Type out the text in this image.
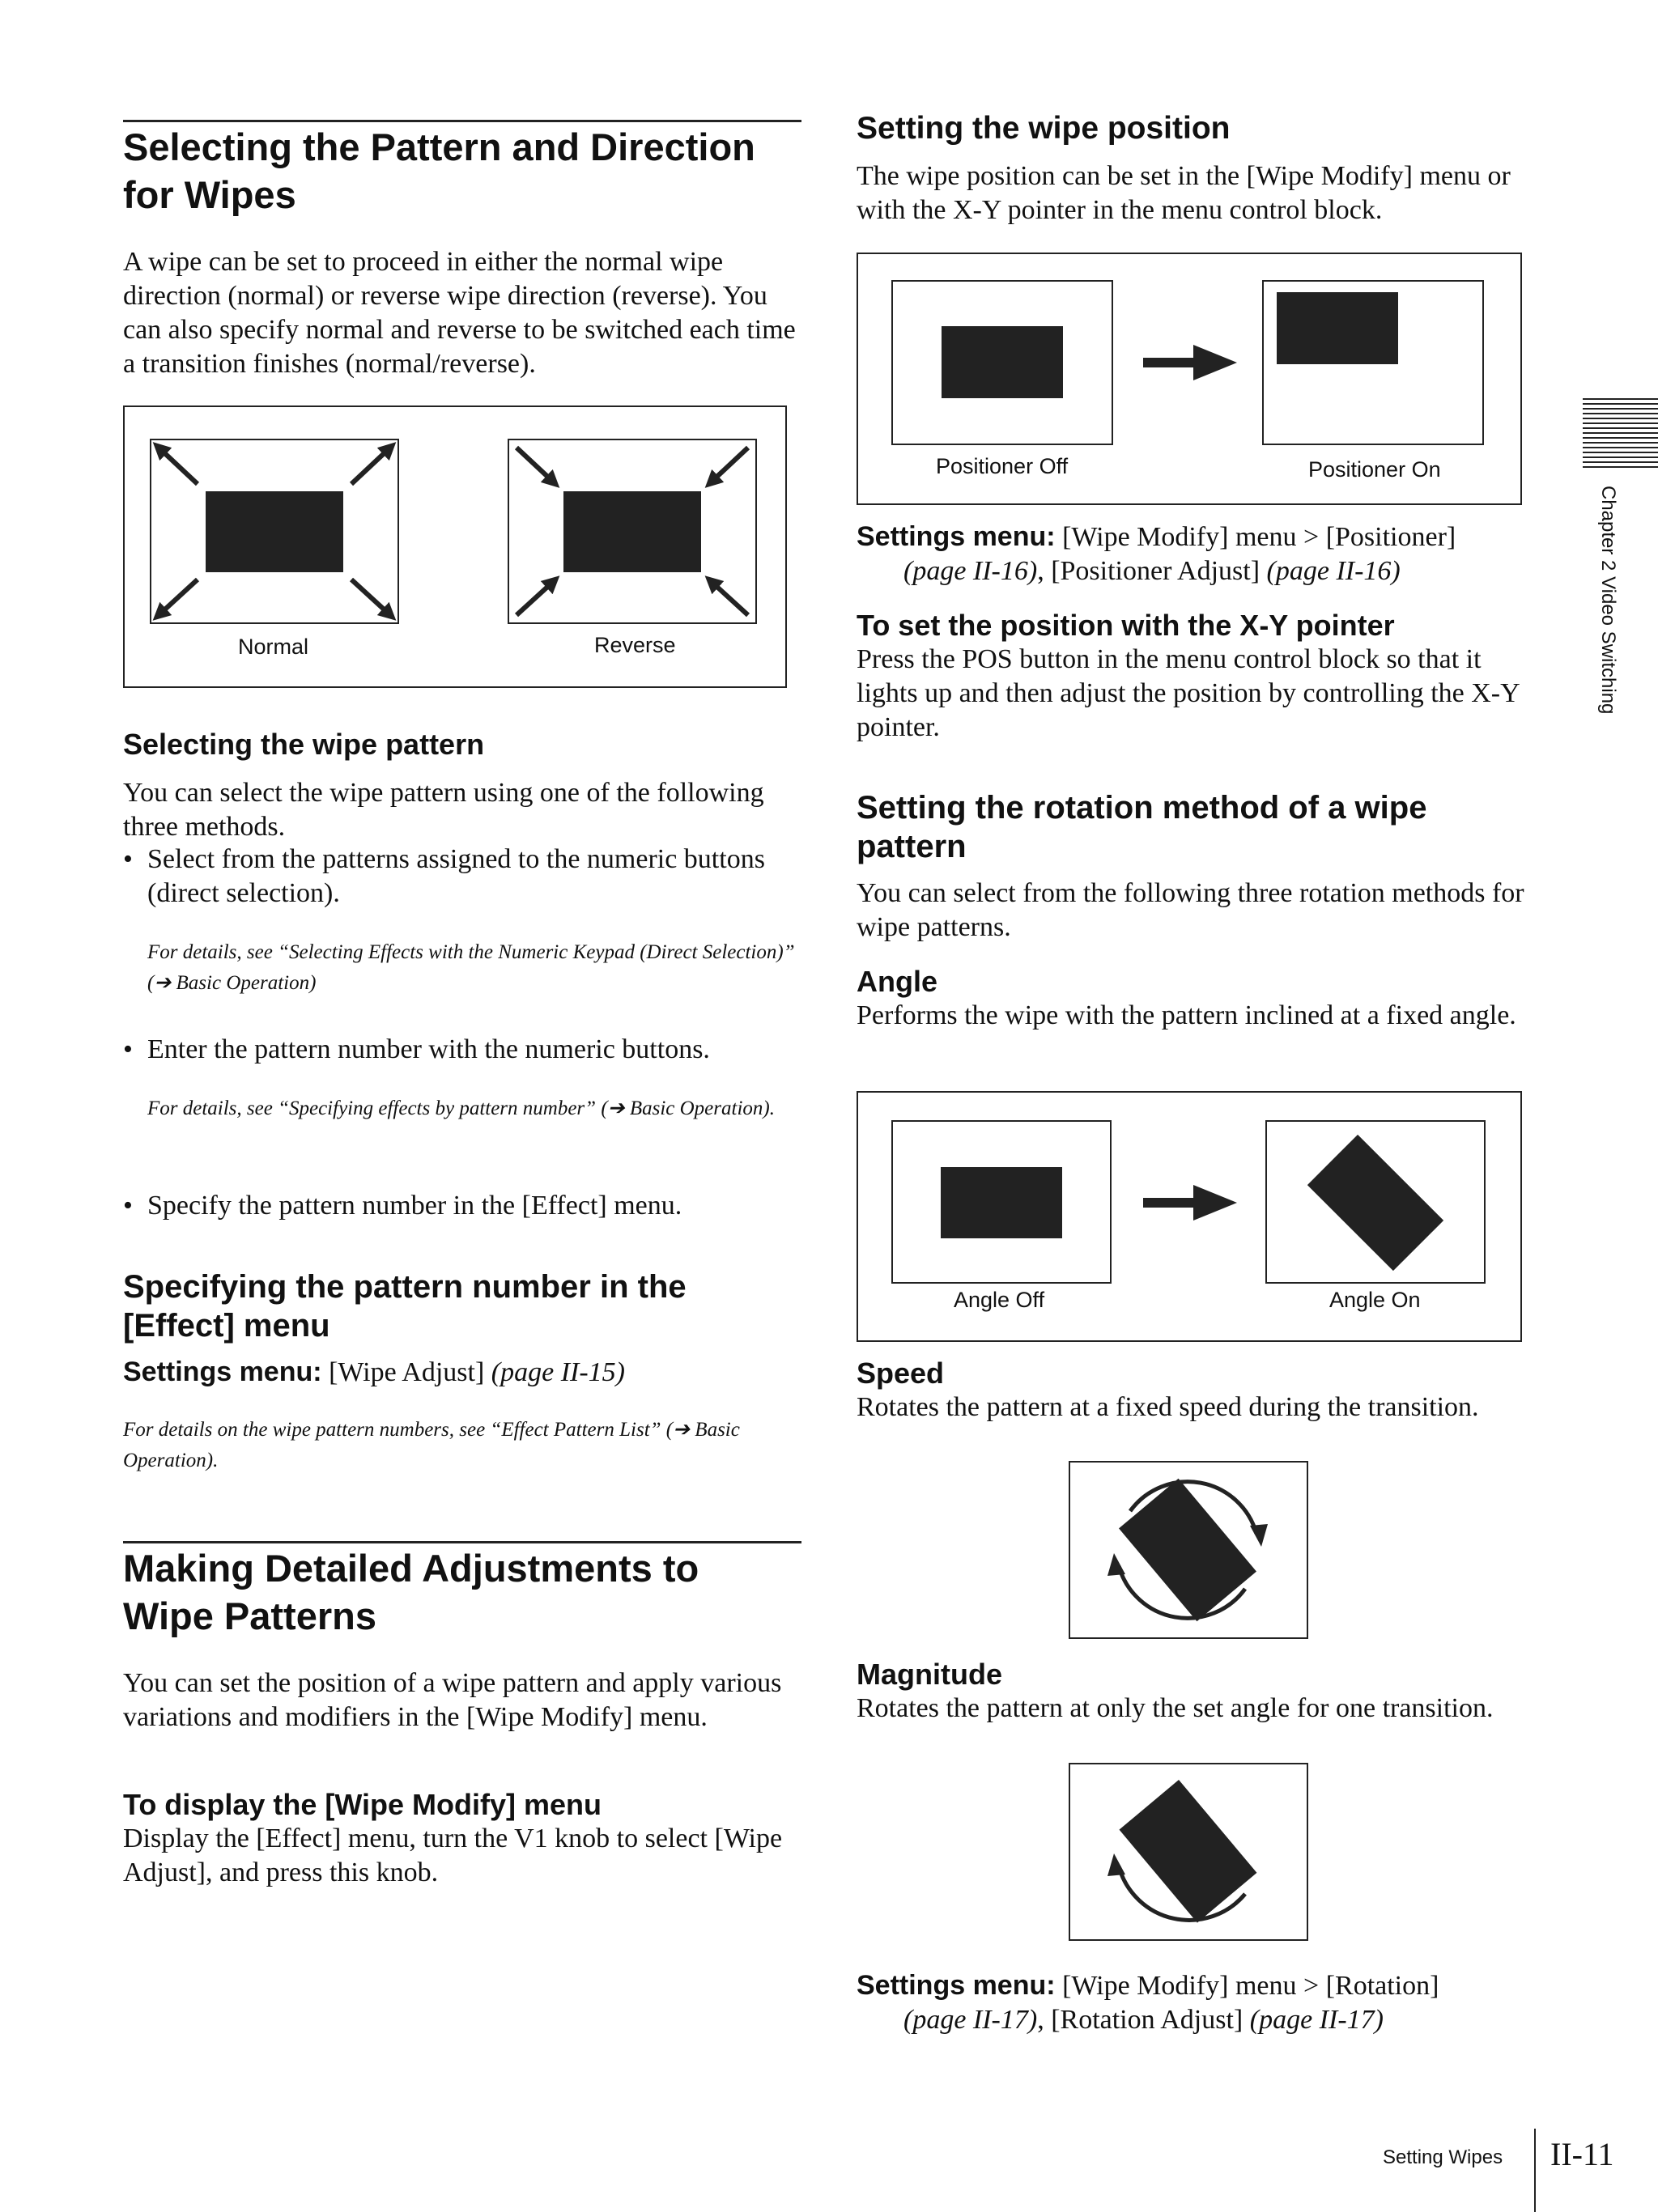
Selecting the Pattern and Direction
for Wipes

A wipe can be set to proceed in either the normal wipe direction (normal) or reverse wipe direction (reverse). You can also specify normal and reverse to be switched each time a transition finishes (normal/reverse).

Normal	Reverse
Selecting the wipe pattern

You can select the wipe pattern using one of the following three methods.

• Select from the patterns assigned to the numeric buttons (direct selection).

For details, see “Selecting Effects with the Numeric Keypad (Direct Selection)” (➔ Basic Operation)

• Enter the pattern number with the numeric buttons.

For details, see “Specifying effects by pattern number” (➔ Basic Operation).

• Specify the pattern number in the [Effect] menu.
Specifying the pattern number in the
[Effect] menu

Settings menu: [Wipe Adjust] (page II-15)

For details on the wipe pattern numbers, see “Effect Pattern List” (➔ Basic Operation).

Making Detailed Adjustments to
Wipe Patterns

You can set the position of a wipe pattern and apply various variations and modifiers in the [Wipe Modify] menu.

To display the [Wipe Modify] menu

Display the [Effect] menu, turn the V1 knob to select [Wipe Adjust], and press this knob.

Setting the wipe position

The wipe position can be set in the [Wipe Modify] menu or with the X-Y pointer in the menu control block.

Positioner Off	Positioner On
Settings menu: [Wipe Modify] menu > [Positioner]
(page II-16), [Positioner Adjust] (page II-16)
To set the position with the X-Y pointer

Press the POS button in the menu control block so that it lights up and then adjust the position by controlling the X-Y pointer.

Setting the rotation method of a wipe
pattern

You can select from the following three rotation methods for wipe patterns.

Angle

Performs the wipe with the pattern inclined at a fixed angle.

Angle Off	Angle On
Speed

Rotates the pattern at a fixed speed during the transition.

Magnitude

Rotates the pattern at only the set angle for one transition.

Settings menu: [Wipe Modify] menu > [Rotation]
(page II-17), [Rotation Adjust] (page II-17)
Chapter 2 Video Switching
Setting Wipes II-11
